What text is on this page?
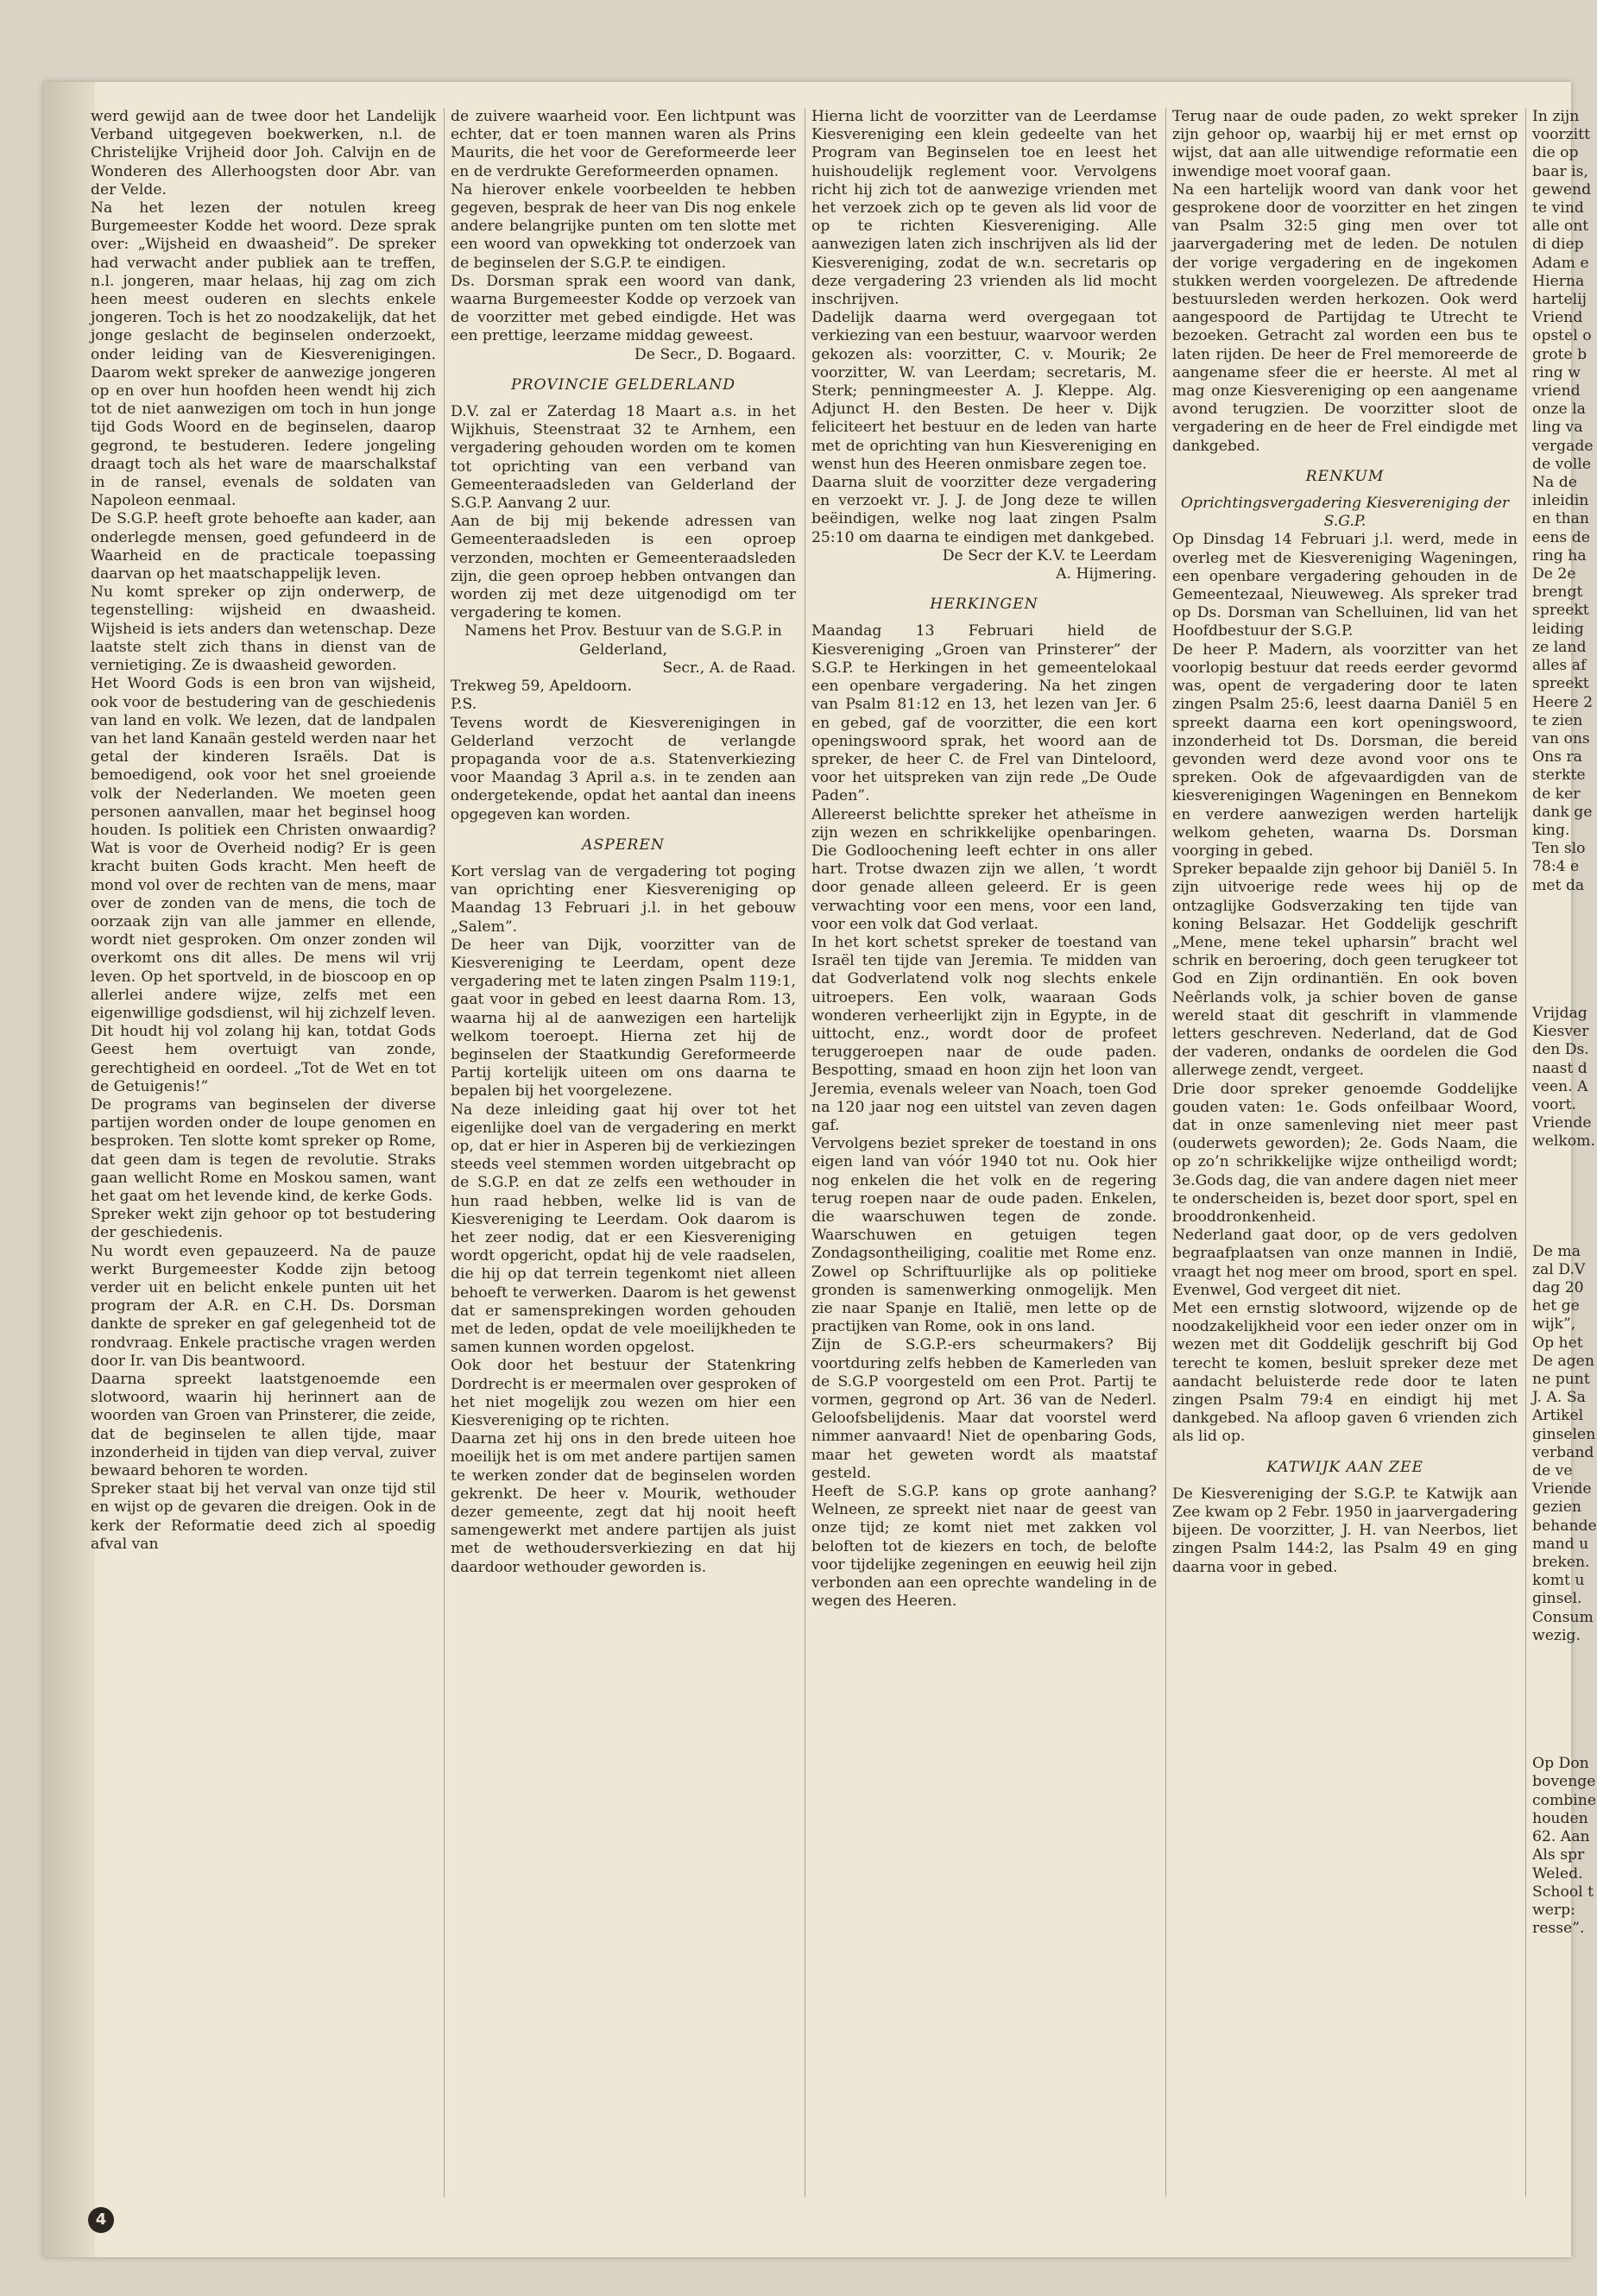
werd gewijd aan de twee door het Landelijk Verband uitgegeven boekwerken, n.l. de Christelijke Vrijheid door Joh. Calvijn en de Wonderen des Allerhoogsten door Abr. van der Velde.

Na het lezen der notulen kreeg Burgemeester Kodde het woord. Deze sprak over: „Wijsheid en dwaasheid”. De spreker had verwacht ander publiek aan te treffen, n.l. jongeren, maar helaas, hij zag om zich heen meest ouderen en slechts enkele jongeren. Toch is het zo noodzakelijk, dat het jonge geslacht de beginselen onderzoekt, onder leiding van de Kiesverenigingen. Daarom wekt spreker de aanwezige jongeren op en over hun hoofden heen wendt hij zich tot de niet aanwezigen om toch in hun jonge tijd Gods Woord en de beginselen, daarop gegrond, te bestuderen. Iedere jongeling draagt toch als het ware de maarschalkstaf in de ransel, evenals de soldaten van Napoleon eenmaal.

De S.G.P. heeft grote behoefte aan kader, aan onderlegde mensen, goed gefundeerd in de Waarheid en de practicale toepassing daarvan op het maatschappelijk leven.

Nu komt spreker op zijn onderwerp, de tegenstelling: wijsheid en dwaasheid. Wijsheid is iets anders dan wetenschap. Deze laatste stelt zich thans in dienst van de vernietiging. Ze is dwaasheid geworden.

Het Woord Gods is een bron van wijsheid, ook voor de bestudering van de geschiedenis van land en volk. We lezen, dat de landpalen van het land Kanaän gesteld werden naar het getal der kinderen Israëls. Dat is bemoedigend, ook voor het snel groeiende volk der Nederlanden. We moeten geen personen aanvallen, maar het beginsel hoog houden. Is politiek een Christen onwaardig? Wat is voor de Overheid nodig? Er is geen kracht buiten Gods kracht. Men heeft de mond vol over de rechten van de mens, maar over de zonden van de mens, die toch de oorzaak zijn van alle jammer en ellende, wordt niet gesproken. Om onzer zonden wil overkomt ons dit alles. De mens wil vrij leven. Op het sportveld, in de bioscoop en op allerlei andere wijze, zelfs met een eigenwillige godsdienst, wil hij zichzelf leven. Dit houdt hij vol zolang hij kan, totdat Gods Geest hem overtuigt van zonde, gerechtigheid en oordeel. „Tot de Wet en tot de Getuigenis!”

De programs van beginselen der diverse partijen worden onder de loupe genomen en besproken. Ten slotte komt spreker op Rome, dat geen dam is tegen de revolutie. Straks gaan wellicht Rome en Moskou samen, want het gaat om het levende kind, de kerke Gods.

Spreker wekt zijn gehoor op tot bestudering der geschiedenis.

Nu wordt even gepauzeerd. Na de pauze werkt Burgemeester Kodde zijn betoog verder uit en belicht enkele punten uit het program der A.R. en C.H. Ds. Dorsman dankte de spreker en gaf gelegenheid tot de rondvraag. Enkele practische vragen werden door Ir. van Dis beantwoord.

Daarna spreekt laatstgenoemde een slotwoord, waarin hij herinnert aan de woorden van Groen van Prinsterer, die zeide, dat de beginselen te allen tijde, maar inzonderheid in tijden van diep verval, zuiver bewaard behoren te worden.

Spreker staat bij het verval van onze tijd stil en wijst op de gevaren die dreigen. Ook in de kerk der Reformatie deed zich al spoedig afval van

de zuivere waarheid voor. Een lichtpunt was echter, dat er toen mannen waren als Prins Maurits, die het voor de Gereformeerde leer en de verdrukte Gereformeerden opnamen.

Na hierover enkele voorbeelden te hebben gegeven, besprak de heer van Dis nog enkele andere belangrijke punten om ten slotte met een woord van opwekking tot onderzoek van de beginselen der S.G.P. te eindigen.

Ds. Dorsman sprak een woord van dank, waarna Burgemeester Kodde op verzoek van de voorzitter met gebed eindigde. Het was een prettige, leerzame middag geweest.

De Secr., D. Bogaard.

PROVINCIE GELDERLAND

D.V. zal er Zaterdag 18 Maart a.s. in het Wijkhuis, Steenstraat 32 te Arnhem, een vergadering gehouden worden om te komen tot oprichting van een verband van Gemeenteraadsleden van Gelderland der S.G.P. Aanvang 2 uur.

Aan de bij mij bekende adressen van Gemeenteraadsleden is een oproep verzonden, mochten er Gemeenteraadsleden zijn, die geen oproep hebben ontvangen dan worden zij met deze uitgenodigd om ter vergadering te komen.

Namens het Prov. Bestuur van de S.G.P. in Gelderland,

Secr., A. de Raad.

Trekweg 59, Apeldoorn.

P.S.

Tevens wordt de Kiesverenigingen in Gelderland verzocht de verlangde propaganda voor de a.s. Statenverkiezing voor Maandag 3 April a.s. in te zenden aan ondergetekende, opdat het aantal dan ineens opgegeven kan worden.

ASPEREN

Kort verslag van de vergadering tot poging van oprichting ener Kiesvereniging op Maandag 13 Februari j.l. in het gebouw „Salem”.

De heer van Dijk, voorzitter van de Kiesvereniging te Leerdam, opent deze vergadering met te laten zingen Psalm 119:1, gaat voor in gebed en leest daarna Rom. 13, waarna hij al de aanwezigen een hartelijk welkom toeroept. Hierna zet hij de beginselen der Staatkundig Gereformeerde Partij kortelijk uiteen om ons daarna te bepalen bij het voorgelezene.

Na deze inleiding gaat hij over tot het eigenlijke doel van de vergadering en merkt op, dat er hier in Asperen bij de verkiezingen steeds veel stemmen worden uitgebracht op de S.G.P. en dat ze zelfs een wethouder in hun raad hebben, welke lid is van de Kiesvereniging te Leerdam. Ook daarom is het zeer nodig, dat er een Kiesvereniging wordt opgericht, opdat hij de vele raadselen, die hij op dat terrein tegenkomt niet alleen behoeft te verwerken. Daarom is het gewenst dat er samensprekingen worden gehouden met de leden, opdat de vele moeilijkheden te samen kunnen worden opgelost.

Ook door het bestuur der Statenkring Dordrecht is er meermalen over gesproken of het niet mogelijk zou wezen om hier een Kiesvereniging op te richten.

Daarna zet hij ons in den brede uiteen hoe moeilijk het is om met andere partijen samen te werken zonder dat de beginselen worden gekrenkt. De heer v. Mourik, wethouder dezer gemeente, zegt dat hij nooit heeft samengewerkt met andere partijen als juist met de wethoudersverkiezing en dat hij daardoor wethouder geworden is.

Hierna licht de voorzitter van de Leerdamse Kiesvereniging een klein gedeelte van het Program van Beginselen toe en leest het huishoudelijk reglement voor. Vervolgens richt hij zich tot de aanwezige vrienden met het verzoek zich op te geven als lid voor de op te richten Kiesvereniging. Alle aanwezigen laten zich inschrijven als lid der Kiesvereniging, zodat de w.n. secretaris op deze vergadering 23 vrienden als lid mocht inschrijven.

Dadelijk daarna werd overgegaan tot verkiezing van een bestuur, waarvoor werden gekozen als: voorzitter, C. v. Mourik; 2e voorzitter, W. van Leerdam; secretaris, M. Sterk; penningmeester A. J. Kleppe. Alg. Adjunct H. den Besten. De heer v. Dijk feliciteert het bestuur en de leden van harte met de oprichting van hun Kiesvereniging en wenst hun des Heeren onmisbare zegen toe.

Daarna sluit de voorzitter deze vergadering en verzoekt vr. J. J. de Jong deze te willen beëindigen, welke nog laat zingen Psalm 25:10 om daarna te eindigen met dankgebed.

De Secr der K.V. te Leerdam

A. Hijmering.

HERKINGEN

Maandag 13 Februari hield de Kiesvereniging „Groen van Prinsterer” der S.G.P. te Herkingen in het gemeentelokaal een openbare vergadering. Na het zingen van Psalm 81:12 en 13, het lezen van Jer. 6 en gebed, gaf de voorzitter, die een kort openingswoord sprak, het woord aan de spreker, de heer C. de Frel van Dinteloord, voor het uitspreken van zijn rede „De Oude Paden”.

Allereerst belichtte spreker het atheïsme in zijn wezen en schrikkelijke openbaringen. Die Godloochening leeft echter in ons aller hart. Trotse dwazen zijn we allen, ’t wordt door genade alleen geleerd. Er is geen verwachting voor een mens, voor een land, voor een volk dat God verlaat.

In het kort schetst spreker de toestand van Israël ten tijde van Jeremia. Te midden van dat Godverlatend volk nog slechts enkele uitroepers. Een volk, waaraan Gods wonderen verheerlijkt zijn in Egypte, in de uittocht, enz., wordt door de profeet teruggeroepen naar de oude paden. Bespotting, smaad en hoon zijn het loon van Jeremia, evenals weleer van Noach, toen God na 120 jaar nog een uitstel van zeven dagen gaf.

Vervolgens beziet spreker de toestand in ons eigen land van vóór 1940 tot nu. Ook hier nog enkelen die het volk en de regering terug roepen naar de oude paden. Enkelen, die waarschuwen tegen de zonde. Waarschuwen en getuigen tegen Zondagsontheiliging, coalitie met Rome enz. Zowel op Schriftuurlijke als op politieke gronden is samenwerking onmogelijk. Men zie naar Spanje en Italië, men lette op de practijken van Rome, ook in ons land.

Zijn de S.G.P.-ers scheurmakers? Bij voortduring zelfs hebben de Kamerleden van de S.G.P voorgesteld om een Prot. Partij te vormen, gegrond op Art. 36 van de Nederl. Geloofsbelijdenis. Maar dat voorstel werd nimmer aanvaard! Niet de openbaring Gods, maar het geweten wordt als maatstaf gesteld.

Heeft de S.G.P. kans op grote aanhang? Welneen, ze spreekt niet naar de geest van onze tijd; ze komt niet met zakken vol beloften tot de kiezers en toch, de belofte voor tijdelijke zegeningen en eeuwig heil zijn verbonden aan een oprechte wandeling in de wegen des Heeren.

Terug naar de oude paden, zo wekt spreker zijn gehoor op, waarbij hij er met ernst op wijst, dat aan alle uitwendige reformatie een inwendige moet vooraf gaan.

Na een hartelijk woord van dank voor het gesprokene door de voorzitter en het zingen van Psalm 32:5 ging men over tot jaarvergadering met de leden. De notulen der vorige vergadering en de ingekomen stukken werden voorgelezen. De aftredende bestuursleden werden herkozen. Ook werd aangespoord de Partijdag te Utrecht te bezoeken. Getracht zal worden een bus te laten rijden. De heer de Frel memoreerde de aangename sfeer die er heerste. Al met al mag onze Kiesvereniging op een aangename avond terugzien. De voorzitter sloot de vergadering en de heer de Frel eindigde met dankgebed.

RENKUM

Oprichtingsvergadering Kiesvereniging der S.G.P.

Op Dinsdag 14 Februari j.l. werd, mede in overleg met de Kiesvereniging Wageningen, een openbare vergadering gehouden in de Gemeentezaal, Nieuweweg. Als spreker trad op Ds. Dorsman van Schelluinen, lid van het Hoofdbestuur der S.G.P.

De heer P. Madern, als voorzitter van het voorlopig bestuur dat reeds eerder gevormd was, opent de vergadering door te laten zingen Psalm 25:6, leest daarna Daniël 5 en spreekt daarna een kort openingswoord, inzonderheid tot Ds. Dorsman, die bereid gevonden werd deze avond voor ons te spreken. Ook de afgevaardigden van de kiesverenigingen Wageningen en Bennekom en verdere aanwezigen werden hartelijk welkom geheten, waarna Ds. Dorsman voorging in gebed.

Spreker bepaalde zijn gehoor bij Daniël 5. In zijn uitvoerige rede wees hij op de ontzaglijke Godsverzaking ten tijde van koning Belsazar. Het Goddelijk geschrift „Mene, mene tekel upharsin” bracht wel schrik en beroering, doch geen terugkeer tot God en Zijn ordinantiën. En ook boven Neêrlands volk, ja schier boven de ganse wereld staat dit geschrift in vlammende letters geschreven. Nederland, dat de God der vaderen, ondanks de oordelen die God allerwege zendt, vergeet.

Drie door spreker genoemde Goddelijke gouden vaten: 1e. Gods onfeilbaar Woord, dat in onze samenleving niet meer past (ouderwets geworden); 2e. Gods Naam, die op zo’n schrikkelijke wijze ontheiligd wordt; 3e.Gods dag, die van andere dagen niet meer te onderscheiden is, bezet door sport, spel en brooddronkenheid.

Nederland gaat door, op de vers gedolven begraafplaatsen van onze mannen in Indië, vraagt het nog meer om brood, sport en spel. Evenwel, God vergeet dit niet.

Met een ernstig slotwoord, wijzende op de noodzakelijkheid voor een ieder onzer om in wezen met dit Goddelijk geschrift bij God terecht te komen, besluit spreker deze met aandacht beluisterde rede door te laten zingen Psalm 79:4 en eindigt hij met dankgebed. Na afloop gaven 6 vrienden zich als lid op.

KATWIJK AAN ZEE

De Kiesvereniging der S.G.P. te Katwijk aan Zee kwam op 2 Febr. 1950 in jaarvergadering bijeen. De voorzitter, J. H. van Neerbos, liet zingen Psalm 144:2, las Psalm 49 en ging daarna voor in gebed.

In zijn

voorzitt

die op

baar is,

gewend

te vind

alle ont

di diep

Adam e

Hierna

hartelij

Vriend

opstel o

grote b

ring w

vriend

onze la

ling va

vergade

de volle

Na de

inleidin

en than

eens de

ring ha

De 2e

brengt

spreekt

leiding

ze land

alles af

spreekt

Heere 2

te zien

van ons

Ons ra

sterkte

de ker

dank ge

king.

Ten slo

78:4 e

met da

Vrijdag

Kiesver

den Ds.

naast d

veen. A

voort.

Vriende

welkom.

De ma

zal D.V

dag 20

het ge

wijk”,

Op het

De agen

ne punt

J. A. Sa

Artikel

ginselen

verband

de ve

Vriende

gezien

behande

mand u

breken.

komt u

ginsel.

Consum

wezig.

Op Don

bovenge

combine

houden

62. Aan

Als spr

Weled.

School t

werp:

resse”.

4
